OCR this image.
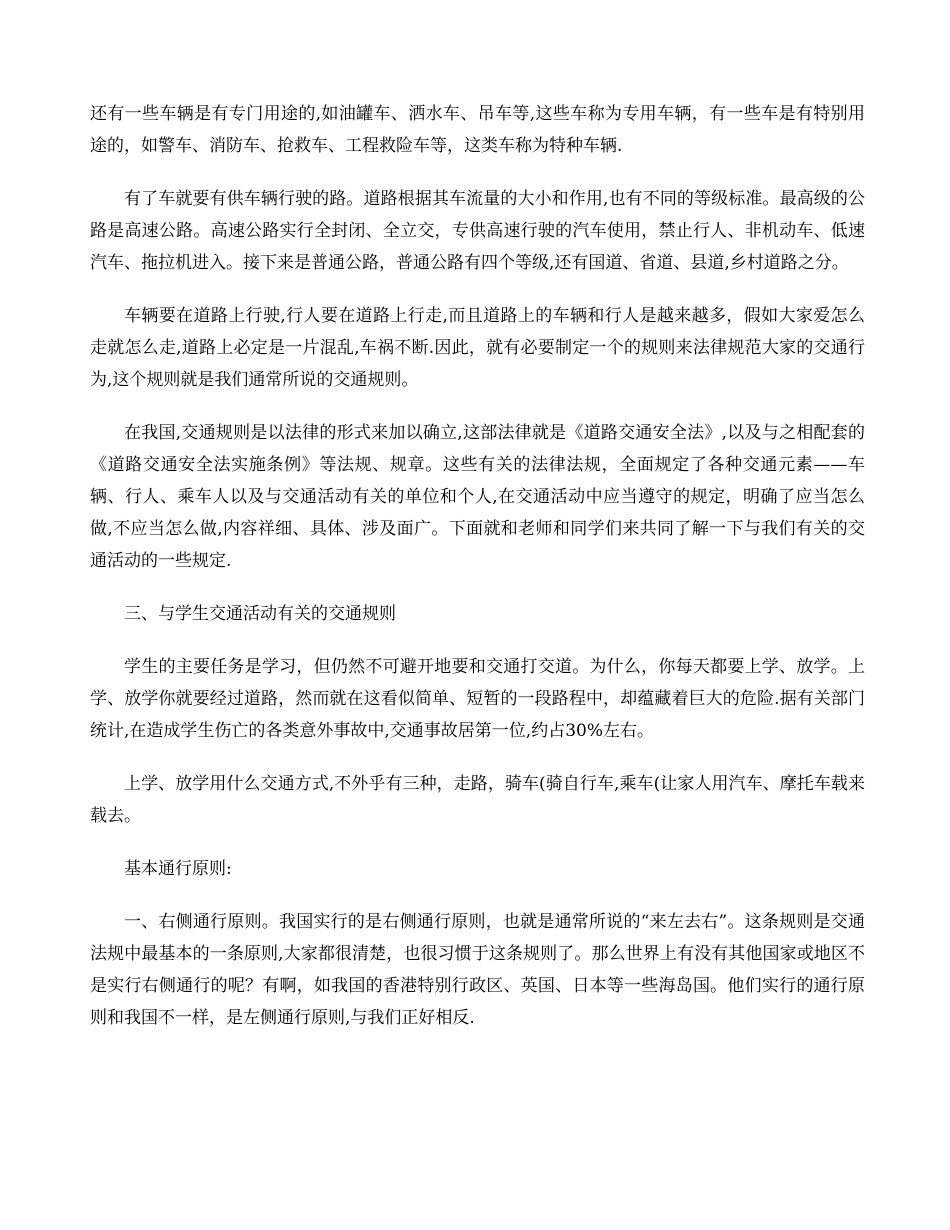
还有一些车辆是有专门用途的,如油罐车、洒水车、吊车等,这些车称为专用车辆，有一些车是有特别用途的，如警车、消防车、抢救车、工程救险车等，这类车称为特种车辆.

有了车就要有供车辆行驶的路。道路根据其车流量的大小和作用,也有不同的等级标准。最高级的公路是高速公路。高速公路实行全封闭、全立交，专供高速行驶的汽车使用，禁止行人、非机动车、低速汽车、拖拉机进入。接下来是普通公路，普通公路有四个等级,还有国道、省道、县道,乡村道路之分。

车辆要在道路上行驶,行人要在道路上行走,而且道路上的车辆和行人是越来越多，假如大家爱怎么走就怎么走,道路上必定是一片混乱,车祸不断.因此，就有必要制定一个的规则来法律规范大家的交通行为,这个规则就是我们通常所说的交通规则。

在我国,交通规则是以法律的形式来加以确立,这部法律就是《道路交通安全法》,以及与之相配套的《道路交通安全法实施条例》等法规、规章。这些有关的法律法规，全面规定了各种交通元素——车辆、行人、乘车人以及与交通活动有关的单位和个人,在交通活动中应当遵守的规定，明确了应当怎么做,不应当怎么做,内容祥细、具体、涉及面广。下面就和老师和同学们来共同了解一下与我们有关的交通活动的一些规定.

三、与学生交通活动有关的交通规则

学生的主要任务是学习，但仍然不可避开地要和交通打交道。为什么，你每天都要上学、放学。上学、放学你就要经过道路，然而就在这看似简单、短暂的一段路程中，却蕴藏着巨大的危险.据有关部门统计,在造成学生伤亡的各类意外事故中,交通事故居第一位,约占30%左右。

上学、放学用什么交通方式,不外乎有三种，走路，骑车(骑自行车,乘车(让家人用汽车、摩托车载来载去。

基本通行原则:

一、右侧通行原则。我国实行的是右侧通行原则，也就是通常所说的“来左去右”。这条规则是交通法规中最基本的一条原则,大家都很清楚，也很习惯于这条规则了。那么世界上有没有其他国家或地区不是实行右侧通行的呢？有啊，如我国的香港特别行政区、英国、日本等一些海岛国。他们实行的通行原则和我国不一样，是左侧通行原则,与我们正好相反.
